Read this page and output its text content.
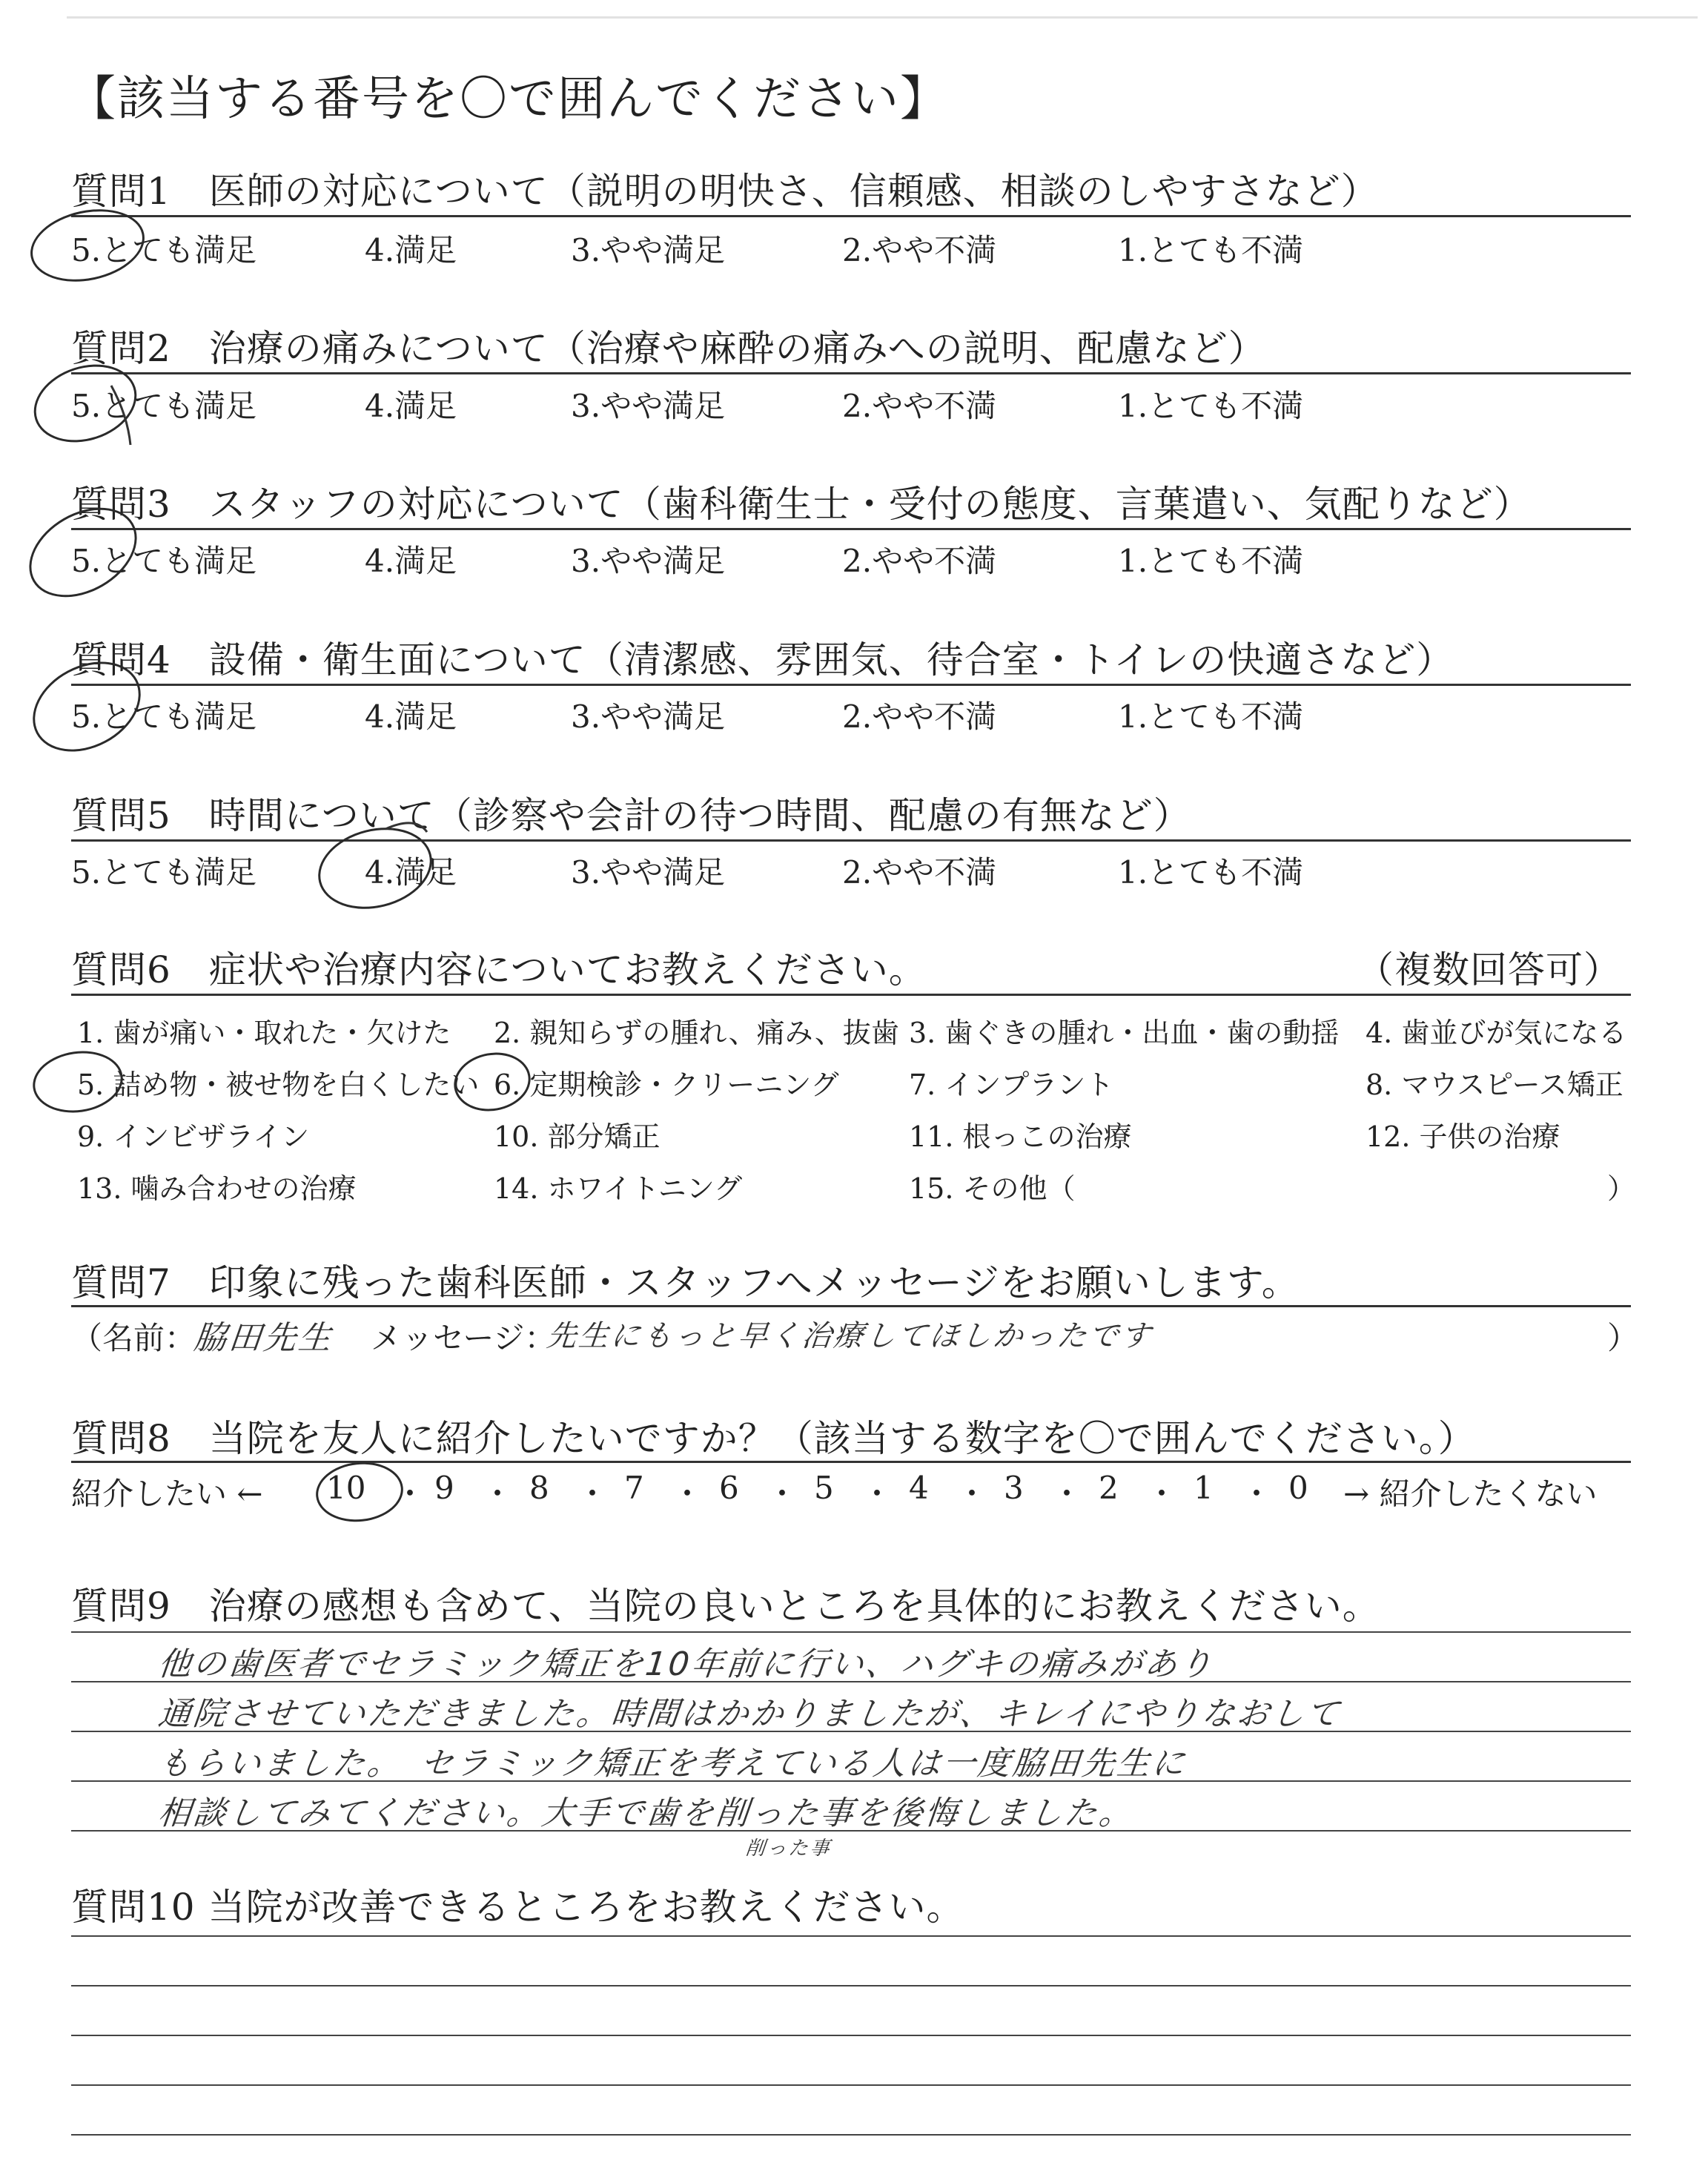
【該当する番号を〇で囲んでください】
質問1　医師の対応について（説明の明快さ、信頼感、相談のしやすさなど）
5.とても満足	4.満足	3.やや満足	2.やや不満	1.とても不満
質問2　治療の痛みについて（治療や麻酔の痛みへの説明、配慮など）
5.とても満足	4.満足	3.やや満足	2.やや不満	1.とても不満
質問3　スタッフの対応について（歯科衛生士・受付の態度、言葉遣い、気配りなど）
5.とても満足	4.満足	3.やや満足	2.やや不満	1.とても不満
質問4　設備・衛生面について（清潔感、雰囲気、待合室・トイレの快適さなど）
5.とても満足	4.満足	3.やや満足	2.やや不満	1.とても不満
質問5　時間について（診察や会計の待つ時間、配慮の有無など）
5.とても満足	4.満足	3.やや満足	2.やや不満	1.とても不満
質問6　症状や治療内容についてお教えください。	（複数回答可）
1. 歯が痛い・取れた・欠けた 2. 親知らずの腫れ、痛み、抜歯 3. 歯ぐきの腫れ・出血・歯の動揺 4. 歯並びが気になる
5. 詰め物・被せ物を白くしたい 6. 定期検診・クリーニング 7. インプラント	8. マウスピース矯正
9. インビザライン	10. 部分矯正	11. 根っこの治療	12. 子供の治療
13. 噛み合わせの治療	14. ホワイトニング	15. その他（	）
質問7　印象に残った歯科医師・スタッフへメッセージをお願いします。
（名前：
脇田先生 メッセージ：
先生にもっと早く治療してほしかったです	）
質問8　当院を友人に紹介したいですか？（該当する数字を〇で囲んでください。）
紹介したい ← 10 ・ 9 ・ 8 ・ 7 ・ 6 ・ 5 ・ 4 ・ 3 ・ 2 ・ 1 ・ 0 → 紹介したくない
質問9　治療の感想も含めて、当院の良いところを具体的にお教えください。
他の歯医者でセラミック矯正を10年前に行い、ハグキの痛みがあり
通院させていただきました。時間はかかりましたが、キレイにやりなおして
もらいました。　セラミック矯正を考えている人は一度脇田先生に
相談してみてください。大手で歯を削った事を後悔しました。
削った事
質問10 当院が改善できるところをお教えください。
